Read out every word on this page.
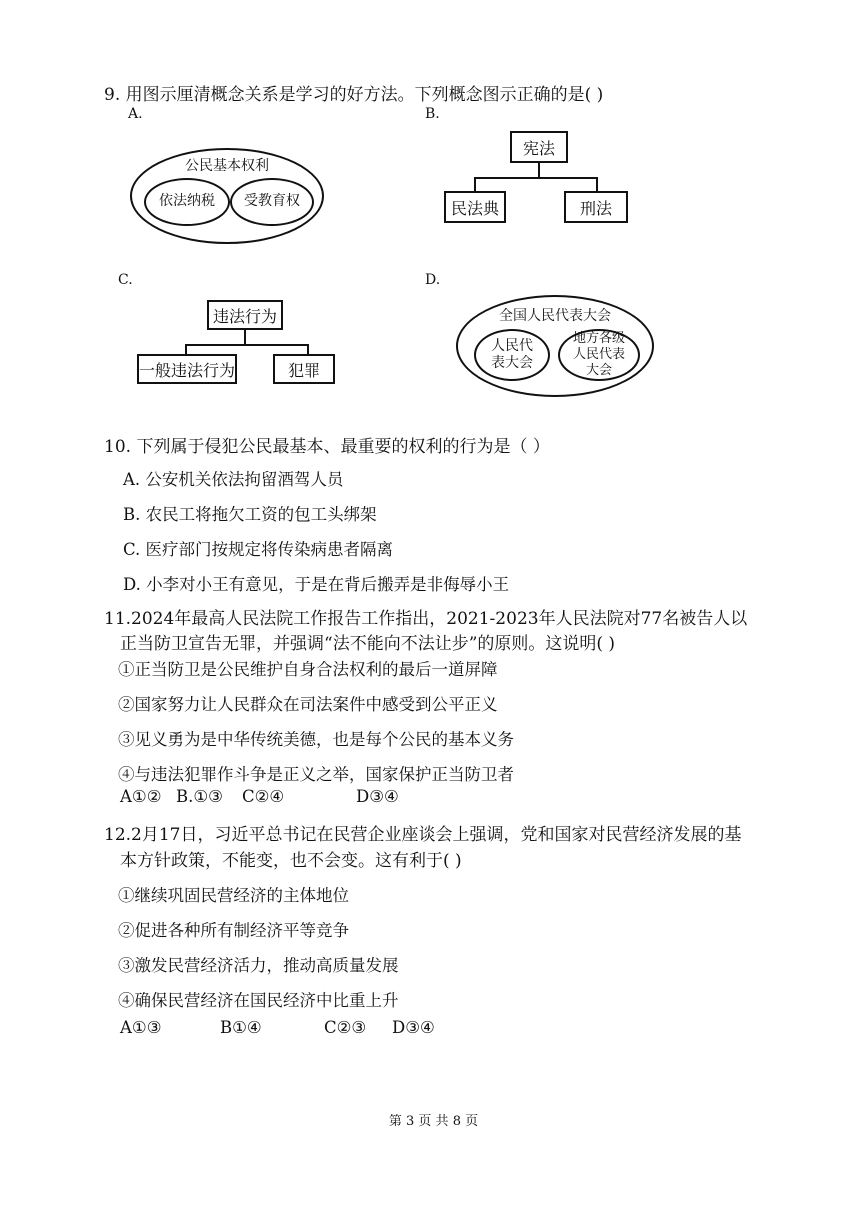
9. 用图示厘清概念关系是学习的好方法。下列概念图示正确的是( )
A.	B.
C.	D.
公民基本权利
依法纳税	受教育权
宪法
民法典	刑法
违法行为
一般违法行为	犯罪
全国人民代表大会
人民代
表大会
地方各级
人民代表
大会
10. 下列属于侵犯公民最基本、最重要的权利的行为是（ ）
A. 公安机关依法拘留酒驾人员
B. 农民工将拖欠工资的包工头绑架
C. 医疗部门按规定将传染病患者隔离
D. 小李对小王有意见，于是在背后搬弄是非侮辱小王
11.2024年最高人民法院工作报告工作指出，2021-2023年人民法院对77名被告人以
正当防卫宣告无罪，并强调“法不能向不法让步”的原则。这说明( )
①正当防卫是公民维护自身合法权利的最后一道屏障
②国家努力让人民群众在司法案件中感受到公平正义
③见义勇为是中华传统美德，也是每个公民的基本义务
④与违法犯罪作斗争是正义之举，国家保护正当防卫者
A①② B.①③ C②④	D③④
12.2月17日，习近平总书记在民营企业座谈会上强调，党和国家对民营经济发展的基
本方针政策，不能变，也不会变。这有利于( )
①继续巩固民营经济的主体地位
②促进各种所有制经济平等竞争
③激发民营经济活力，推动高质量发展
④确保民营经济在国民经济中比重上升
A①③	B①④	C②③ D③④
第 3 页 共 8 页
